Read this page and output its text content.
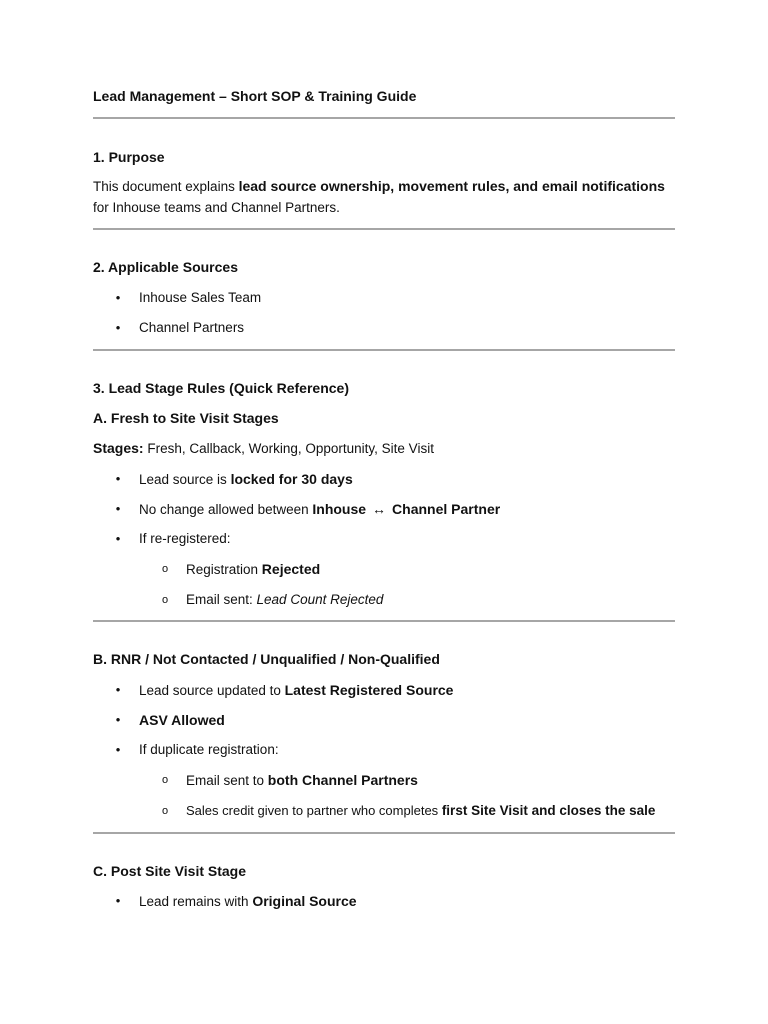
Lead Management – Short SOP & Training Guide
1. Purpose
This document explains lead source ownership, movement rules, and email notifications
for Inhouse teams and Channel Partners.
2. Applicable Sources
• Inhouse Sales Team
• Channel Partners
3. Lead Stage Rules (Quick Reference)
A. Fresh to Site Visit Stages
Stages: Fresh, Callback, Working, Opportunity, Site Visit
• Lead source is locked for 30 days
• No change allowed between Inhouse ↔ Channel Partner
• If re-registered:
o Registration Rejected
o Email sent: Lead Count Rejected
B. RNR / Not Contacted / Unqualified / Non-Qualified
• Lead source updated to Latest Registered Source
• ASV Allowed
• If duplicate registration:
o Email sent to both Channel Partners
o Sales credit given to partner who completes first Site Visit and closes the sale
C. Post Site Visit Stage
• Lead remains with Original Source
